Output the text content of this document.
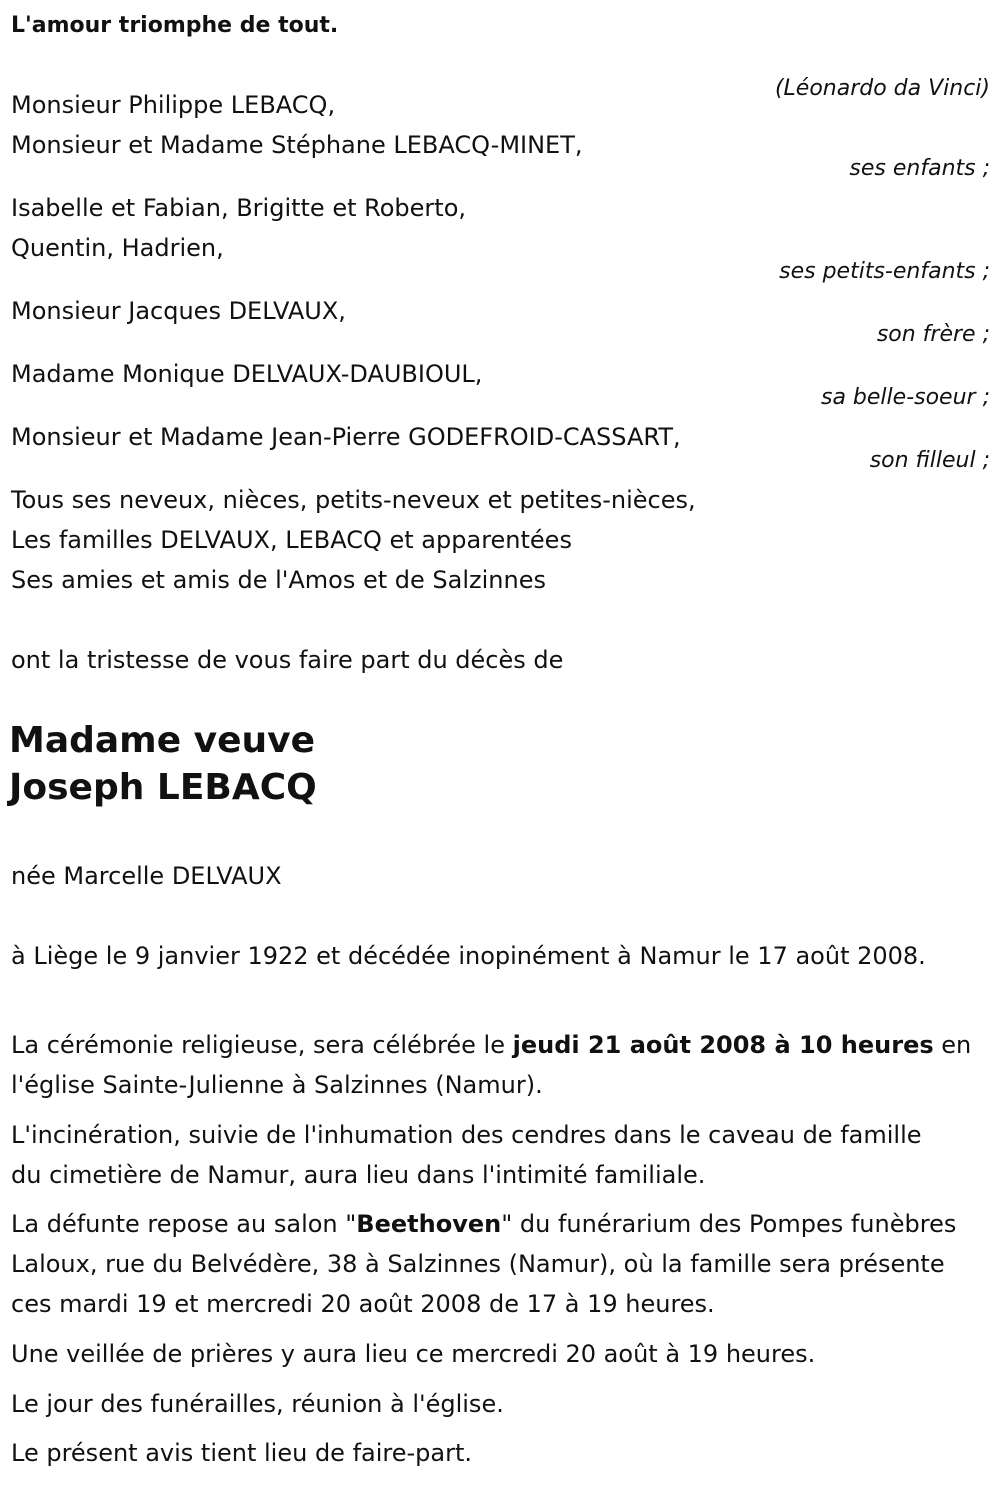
L'amour triomphe de tout.
(Léonardo da Vinci)
Monsieur Philippe LEBACQ,
Monsieur et Madame Stéphane LEBACQ-MINET,
ses enfants ;
Isabelle et Fabian, Brigitte et Roberto,
Quentin, Hadrien,
ses petits-enfants ;
Monsieur Jacques DELVAUX,
son frère ;
Madame Monique DELVAUX-DAUBIOUL,
sa belle-soeur ;
Monsieur et Madame Jean-Pierre GODEFROID-CASSART,
son filleul ;
Tous ses neveux, nièces, petits-neveux et petites-nièces,
Les familles DELVAUX, LEBACQ et apparentées
Ses amies et amis de l'Amos et de Salzinnes
ont la tristesse de vous faire part du décès de
Madame veuve
Joseph LEBACQ
née Marcelle DELVAUX

à Liège le 9 janvier 1922 et décédée inopinément à Namur le 17 août 2008.

La cérémonie religieuse, sera célébrée le jeudi 21 août 2008 à 10 heures en l'église Sainte-Julienne à Salzinnes (Namur).

L'incinération, suivie de l'inhumation des cendres dans le caveau de famille du cimetière de Namur, aura lieu dans l'intimité familiale.

La défunte repose au salon "Beethoven" du funérarium des Pompes funèbres Laloux, rue du Belvédère, 38 à Salzinnes (Namur), où la famille sera présente ces mardi 19 et mercredi 20 août 2008 de 17 à 19 heures.

Une veillée de prières y aura lieu ce mercredi 20 août à 19 heures.
Le jour des funérailles, réunion à l'église.
Le présent avis tient lieu de faire-part.
